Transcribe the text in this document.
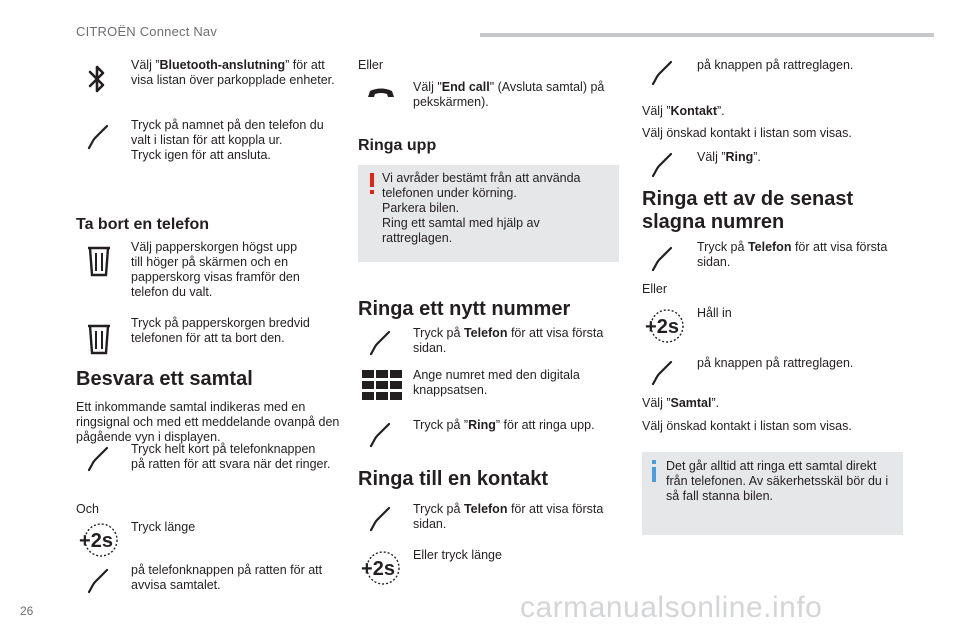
CITROËN Connect Nav
26	carmanualsonline.info
Välj ”Bluetooth-anslutning” för att visa listan över parkopplade enheter.
Tryck på namnet på den telefon du valt i listan för att koppla ur.
Tryck igen för att ansluta.
Ta bort en telefon
Välj papperskorgen högst upp till höger på skärmen och en papperskorg visas framför den telefon du valt.
Tryck på papperskorgen bredvid telefonen för att ta bort den.
Besvara ett samtal
Ett inkommande samtal indikeras med en ringsignal och med ett meddelande ovanpå den pågående vyn i displayen.
Tryck helt kort på telefonknappen på ratten för att svara när det ringer.
Och
+2s
Tryck länge
på telefonknappen på ratten för att avvisa samtalet.
Eller
Välj "End call" (Avsluta samtal) på pekskärmen).
Ringa upp
Vi avråder bestämt från att använda telefonen under körning.
Parkera bilen.
Ring ett samtal med hjälp av rattreglagen.
Ringa ett nytt nummer
Tryck på Telefon för att visa första sidan.
Ange numret med den digitala knappsatsen.
Tryck på ”Ring” för att ringa upp.
Ringa till en kontakt
Tryck på Telefon för att visa första sidan.
+2s
Eller tryck länge
på knappen på rattreglagen.
Välj ”Kontakt”.
Välj önskad kontakt i listan som visas.
Välj ”Ring”.
Ringa ett av de senast slagna numren
Tryck på Telefon för att visa första sidan.
Eller
+2s
Håll in
på knappen på rattreglagen.
Välj ”Samtal”.
Välj önskad kontakt i listan som visas.
Det går alltid att ringa ett samtal direkt från telefonen. Av säkerhetsskäl bör du i så fall stanna bilen.
